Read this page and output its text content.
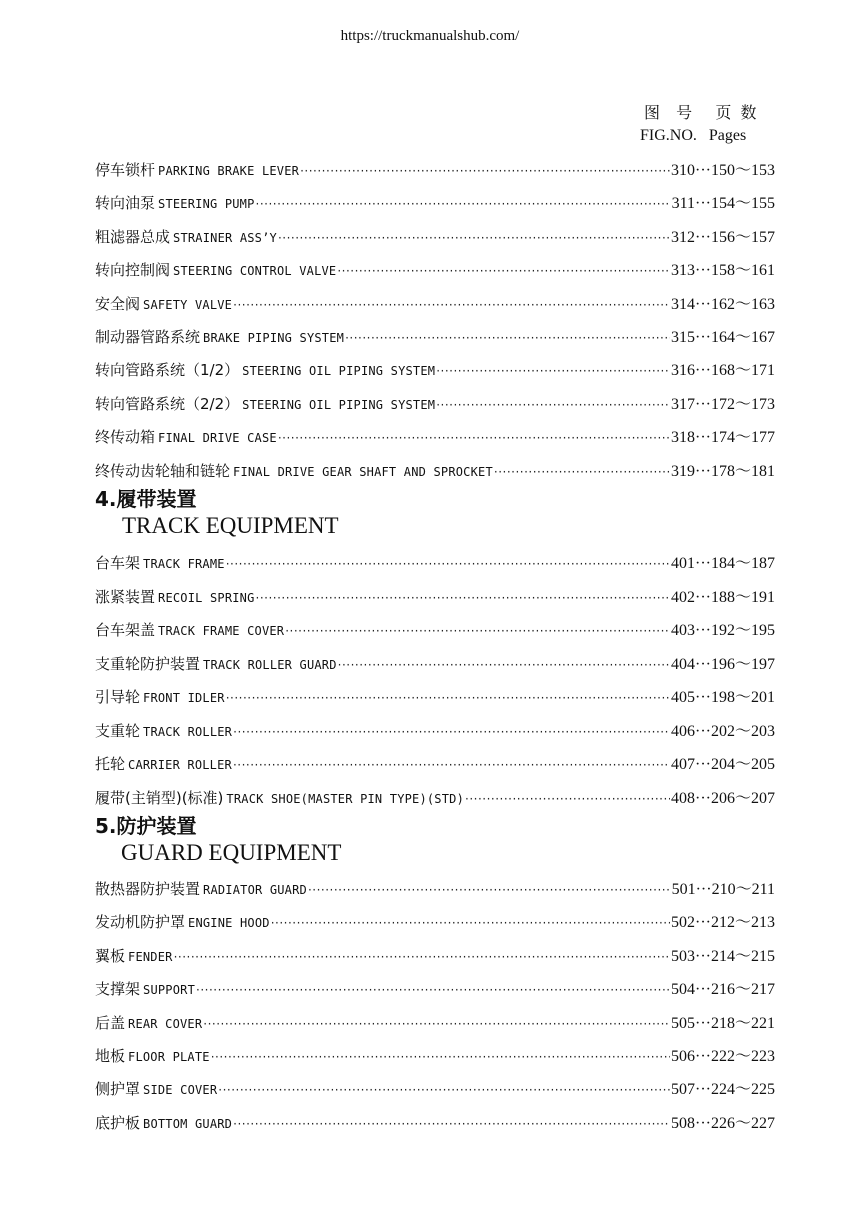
https://truckmanualshub.com/
图  号   页 数
FIG.NO.   Pages
停车锁杆 PARKING BRAKE LEVER ·····	310···150～153
转向油泵 STEERING PUMP ·····	311···154～155
粗滤器总成 STRAINER ASS’Y ·····	312···156～157
转向控制阀 STEERING CONTROL VALVE ·····	313···158～161
安全阀 SAFETY VALVE ·····	314···162～163
制动器管路系统 BRAKE PIPING SYSTEM ·····	315···164～167
转向管路系统（1/2） STEERING OIL PIPING SYSTEM ·····	316···168～171
转向管路系统（2/2） STEERING OIL PIPING SYSTEM ·····	317···172～173
终传动箱 FINAL DRIVE CASE ·····	318···174～177
终传动齿轮轴和链轮 FINAL DRIVE GEAR SHAFT AND SPROCKET ·····	319···178～181
4.履带装置
TRACK EQUIPMENT
台车架 TRACK FRAME ·····	401···184～187
涨紧装置 RECOIL SPRING ·····	402···188～191
台车架盖 TRACK FRAME COVER ·····	403···192～195
支重轮防护装置 TRACK ROLLER GUARD ·····	404···196～197
引导轮 FRONT IDLER ·····	405···198～201
支重轮 TRACK ROLLER ·····	406···202～203
托轮 CARRIER ROLLER ·····	407···204～205
履带(主销型)(标准) TRACK SHOE(MASTER PIN TYPE)(STD) ·····	408···206～207
5.防护装置
GUARD EQUIPMENT
散热器防护装置 RADIATOR GUARD ·····	501···210～211
发动机防护罩 ENGINE HOOD ·····	502···212～213
翼板 FENDER ·····	503···214～215
支撑架 SUPPORT ·····	504···216～217
后盖 REAR COVER ·····	505···218～221
地板 FLOOR PLATE ·····	506···222～223
侧护罩 SIDE COVER ·····	507···224～225
底护板 BOTTOM GUARD ·····	508···226～227
